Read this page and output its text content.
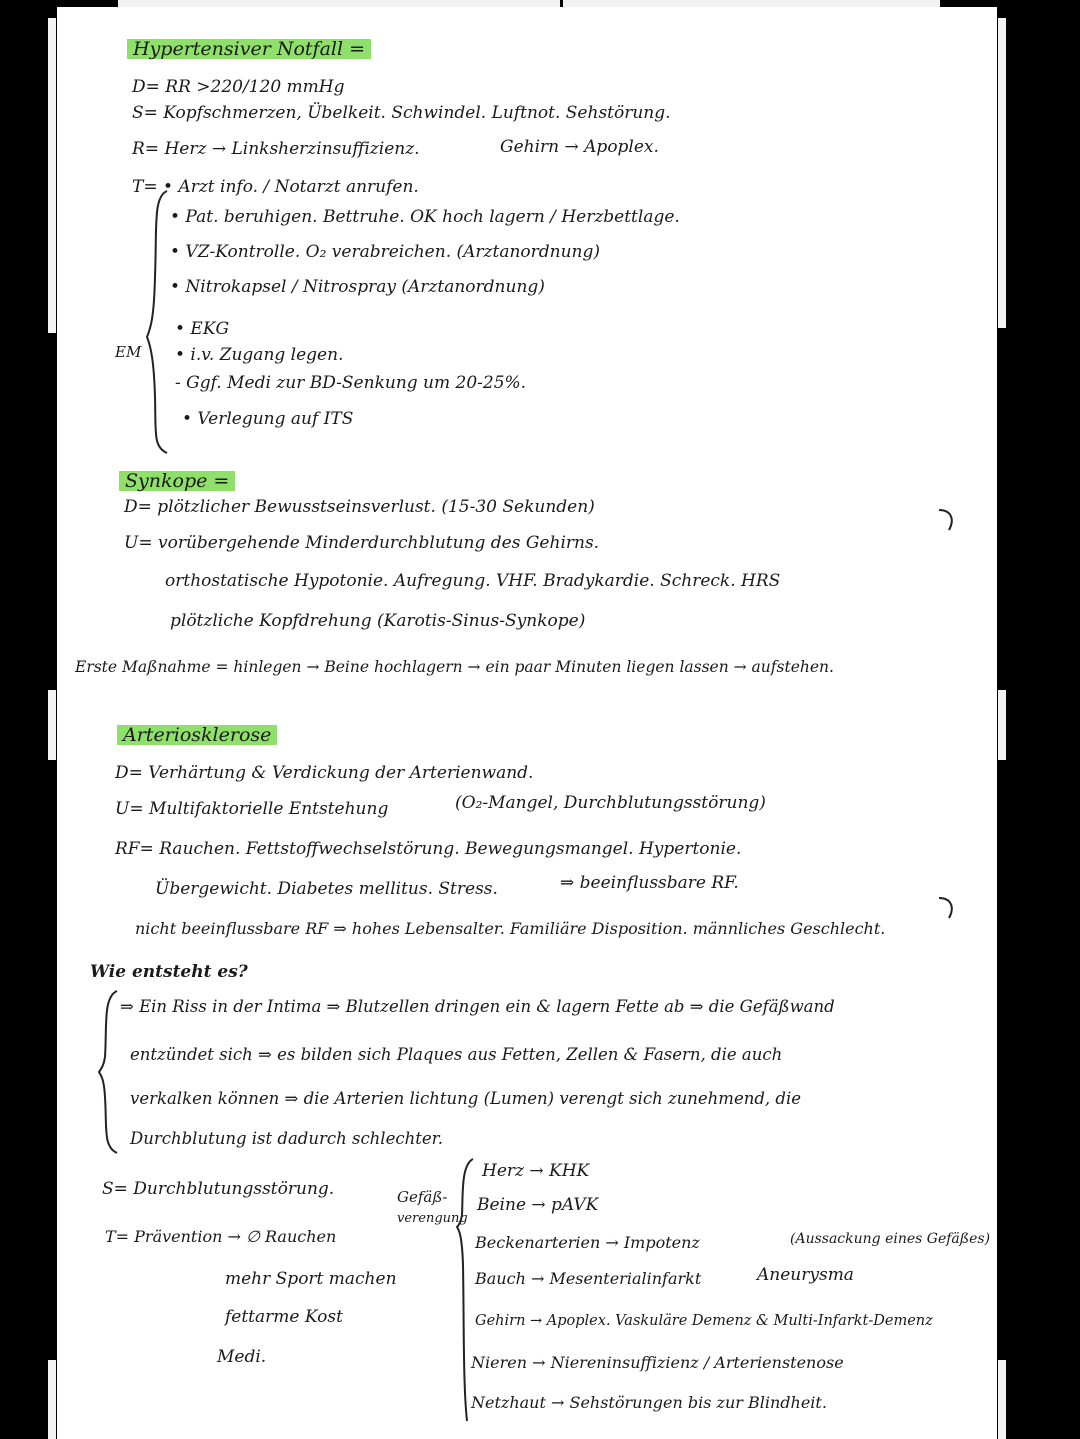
Hypertensiver Notfall =
D= RR >220/120 mmHg
S= Kopfschmerzen, Übelkeit. Schwindel. Luftnot. Sehstörung.
R= Herz → Linksherzinsuffizienz.	Gehirn → Apoplex.
T= • Arzt info. / Notarzt anrufen.
• Pat. beruhigen. Bettruhe. OK hoch lagern / Herzbettlage.
• VZ-Kontrolle. O₂ verabreichen. (Arztanordnung)
• Nitrokapsel / Nitrospray (Arztanordnung)
• EKG
• i.v. Zugang legen.
- Ggf. Medi zur BD-Senkung um 20-25%.
• Verlegung auf ITS
EM
Synkope =
D= plötzlicher Bewusstseinsverlust. (15-30 Sekunden)
U= vorübergehende Minderdurchblutung des Gehirns.
orthostatische Hypotonie. Aufregung. VHF. Bradykardie. Schreck. HRS
plötzliche Kopfdrehung (Karotis-Sinus-Synkope)
Erste Maßnahme = hinlegen → Beine hochlagern → ein paar Minuten liegen lassen → aufstehen.
Arteriosklerose
D= Verhärtung & Verdickung der Arterienwand.
U= Multifaktorielle Entstehung	(O₂-Mangel, Durchblutungsstörung)
RF= Rauchen. Fettstoffwechselstörung. Bewegungsmangel. Hypertonie.
Übergewicht. Diabetes mellitus. Stress.	⇒ beeinflussbare RF.
nicht beeinflussbare RF ⇒ hohes Lebensalter. Familiäre Disposition. männliches Geschlecht.
Wie entsteht es?
⇒ Ein Riss in der Intima ⇒ Blutzellen dringen ein & lagern Fette ab ⇒ die Gefäßwand
entzündet sich ⇒ es bilden sich Plaques aus Fetten, Zellen & Fasern, die auch
verkalken können ⇒ die Arterien lichtung (Lumen) verengt sich zunehmend, die
Durchblutung ist dadurch schlechter.
S= Durchblutungsstörung.
T= Prävention → ∅ Rauchen
mehr Sport machen
fettarme Kost
Medi.
Gefäß-
verengung
Herz → KHK
Beine → pAVK
Beckenarterien → Impotenz
Bauch → Mesenterialinfarkt
Gehirn → Apoplex. Vaskuläre Demenz & Multi-Infarkt-Demenz
Nieren → Niereninsuffizienz / Arterienstenose
Netzhaut → Sehstörungen bis zur Blindheit.
(Aussackung eines Gefäßes)
Aneurysma
